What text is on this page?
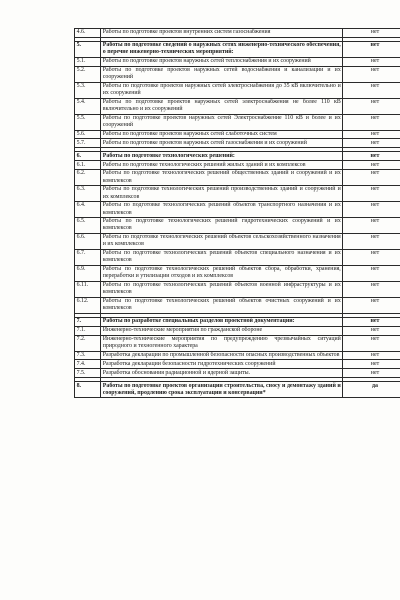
4.6.	Работы по подготовке проектов внутренних систем газоснабжения	нет

5.	Работы по подготовке сведений о наружных сетях инженерно-технического обеспечения, о перечне инженерно-технических мероприятий:	нет
5.1.	Работы по подготовке проектов наружных сетей теплоснабжения и их сооружений	нет
5.2.	Работы по подготовке проектов наружных сетей водоснабжения и канализации и их сооружений	нет
5.3.	Работы по подготовке проектов наружных сетей электроснабжения до 35 кВ включительно и их сооружений	нет
5.4.	Работы по подготовке проектов наружных сетей электроснабжения не более 110 кВ включительно и их сооружений	нет
5.5.	Работы по подготовке проектов наружных сетей Электроснабжение 110 кВ и более и их сооружений	нет
5.6.	Работы по подготовке проектов наружных сетей слаботочных систем	нет
5.7.	Работы по подготовке проектов наружных сетей газоснабжения и их сооружений	нет

6.	Работы по подготовке технологических решений:	нет
6.1.	Работы по подготовке технологических решений жилых зданий и их комплексов	нет
6.2.	Работы по подготовке технологических решений общественных зданий и сооружений и их комплексов	нет
6.3.	Работы по подготовке технологических решений производственных зданий и сооружений и их комплексов	нет
6.4.	Работы по подготовке технологических решений объектов транспортного назначения и их комплексов	нет
6.5.	Работы по подготовке технологических решений гидротехнических сооружений и их комплексов	нет
6.6.	Работы по подготовке технологических решений объектов сельскохозяйственного назначения и их комплексов	нет
6.7.	Работы по подготовке технологических решений объектов специального назначения и их комплексов	нет
6.9.	Работы по подготовке технологических решений объектов сбора, обработки, хранения, переработки и утилизации отходов и их комплексов	нет
6.11.	Работы по подготовке технологических решений объектов военной инфраструктуры и их комплексов	нет
6.12.	Работы по подготовке технологических решений объектов очистных сооружений и их комплексов	нет

7.	Работы по разработке специальных разделов проектной документации:	нет
7.1.	Инженерно-технические мероприятия по гражданской обороне	нет
7.2.	Инженерно-технические мероприятия по предупреждению чрезвычайных ситуаций природного и техногенного характера	нет
7.3.	Разработка декларации по промышленной безопасности опасных производственных объектов	нет
7.4.	Разработка декларации безопасности гидротехнических сооружений	нет
7.5.	Разработка обоснования радиационной и ядерной защиты.	нет

8.	Работы по подготовке проектов организации строительства, сносу и демонтажу зданий и сооружений, продлению срока эксплуатации и консервации*	да
